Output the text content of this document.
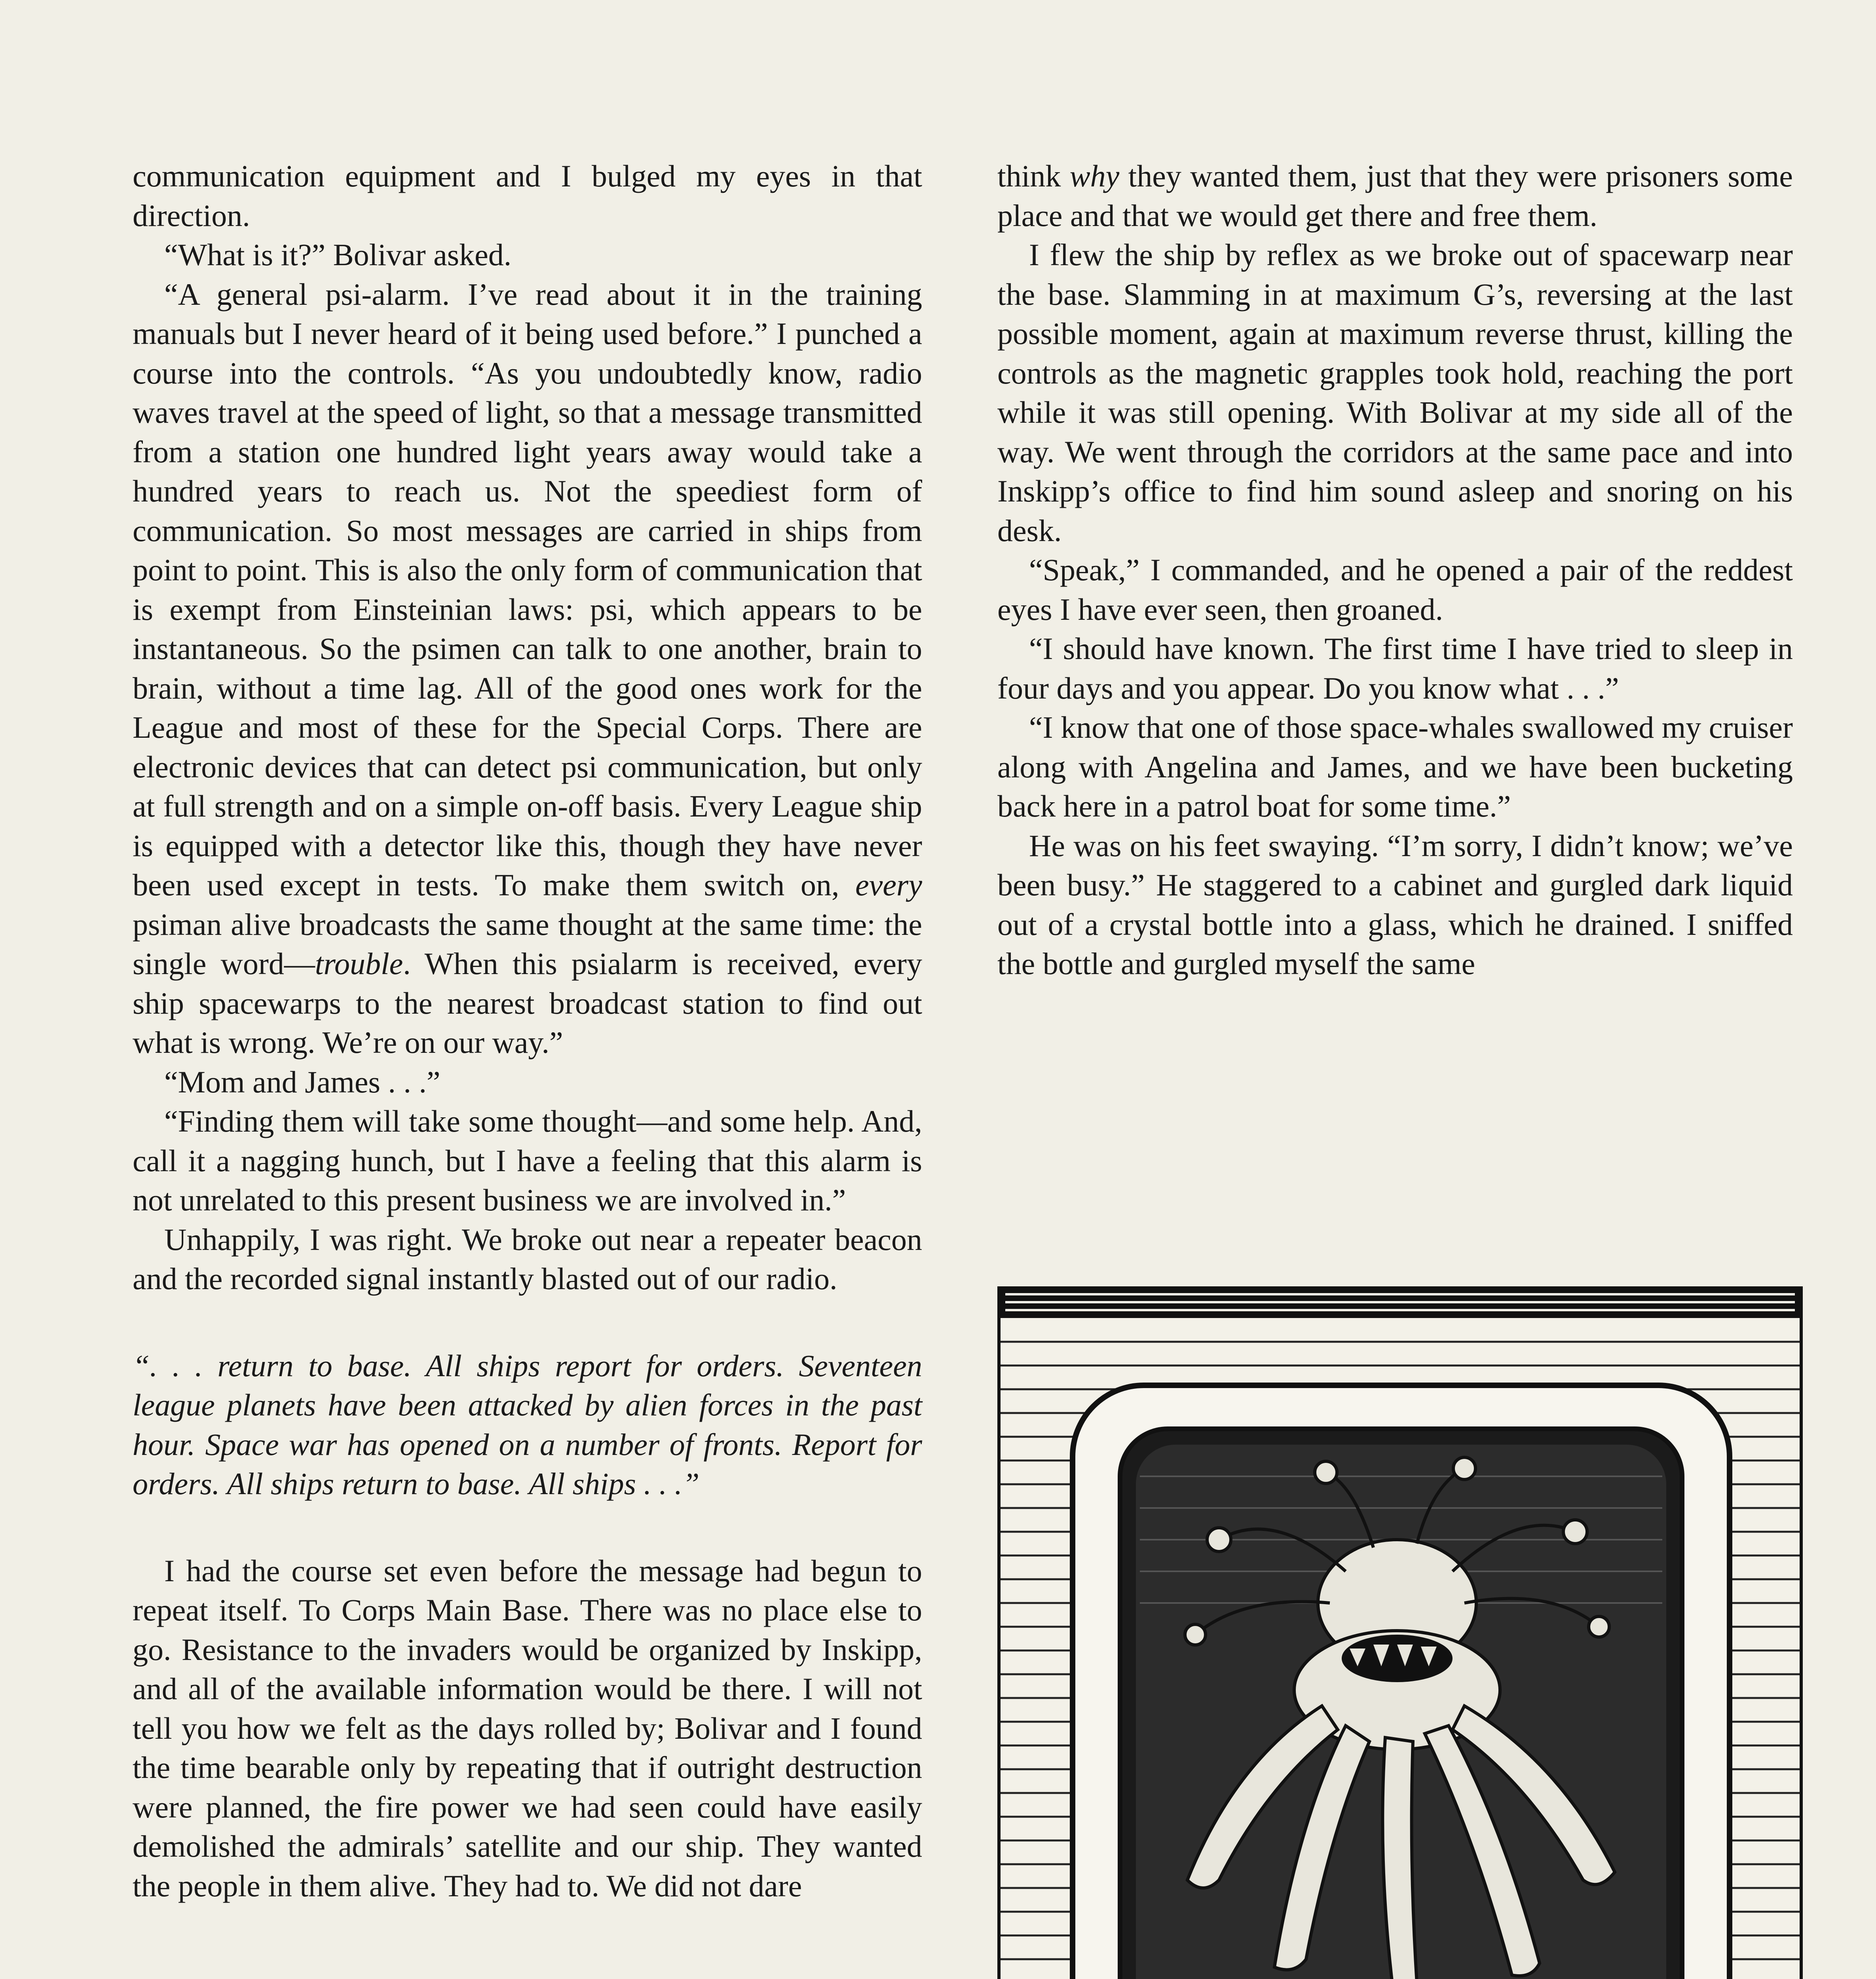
communication equipment and I bulged my eyes in that direction.

“What is it?” Bolivar asked.

“A general psi-alarm. I’ve read about it in the training manuals but I never heard of it being used before.” I punched a course into the controls. “As you undoubtedly know, radio waves travel at the speed of light, so that a message transmitted from a station one hundred light years away would take a hundred years to reach us. Not the speediest form of communication. So most messages are carried in ships from point to point. This is also the only form of communication that is exempt from Einsteinian laws: psi, which appears to be instantaneous. So the psimen can talk to one another, brain to brain, without a time lag. All of the good ones work for the League and most of these for the Special Corps. There are electronic devices that can detect psi communication, but only at full strength and on a simple on-off basis. Every League ship is equipped with a detector like this, though they have never been used except in tests. To make them switch on, every psiman alive broadcasts the same thought at the same time: the single word—trouble. When this psialarm is received, every ship spacewarps to the nearest broadcast station to find out what is wrong. We’re on our way.”

“Mom and James . . .”

“Finding them will take some thought—and some help. And, call it a nagging hunch, but I have a feeling that this alarm is not unrelated to this present business we are involved in.”

Unhappily, I was right. We broke out near a repeater beacon and the recorded signal instantly blasted out of our radio.

“. . . return to base. All ships report for orders. Seventeen league planets have been attacked by alien forces in the past hour. Space war has opened on a number of fronts. Report for orders. All ships return to base. All ships . . .”

I had the course set even before the message had begun to repeat itself. To Corps Main Base. There was no place else to go. Resistance to the invaders would be organized by Inskipp, and all of the available information would be there. I will not tell you how we felt as the days rolled by; Bolivar and I found the time bearable only by repeating that if outright destruction were planned, the fire power we had seen could have easily demolished the admirals’ satellite and our ship. They wanted the people in them alive. They had to. We did not dare

think why they wanted them, just that they were prisoners some place and that we would get there and free them.

I flew the ship by reflex as we broke out of spacewarp near the base. Slamming in at maximum G’s, reversing at the last possible moment, again at maximum reverse thrust, killing the controls as the magnetic grapples took hold, reaching the port while it was still opening. With Bolivar at my side all of the way. We went through the corridors at the same pace and into Inskipp’s office to find him sound asleep and snoring on his desk.

“Speak,” I commanded, and he opened a pair of the reddest eyes I have ever seen, then groaned.

“I should have known. The first time I have tried to sleep in four days and you appear. Do you know what . . .”

“I know that one of those space-whales swallowed my cruiser along with Angelina and James, and we have been bucketing back here in a patrol boat for some time.”

He was on his feet swaying. “I’m sorry, I didn’t know; we’ve been busy.” He staggered to a cabinet and gurgled dark liquid out of a crystal bottle into a glass, which he drained. I sniffed the bottle and gurgled myself the same
